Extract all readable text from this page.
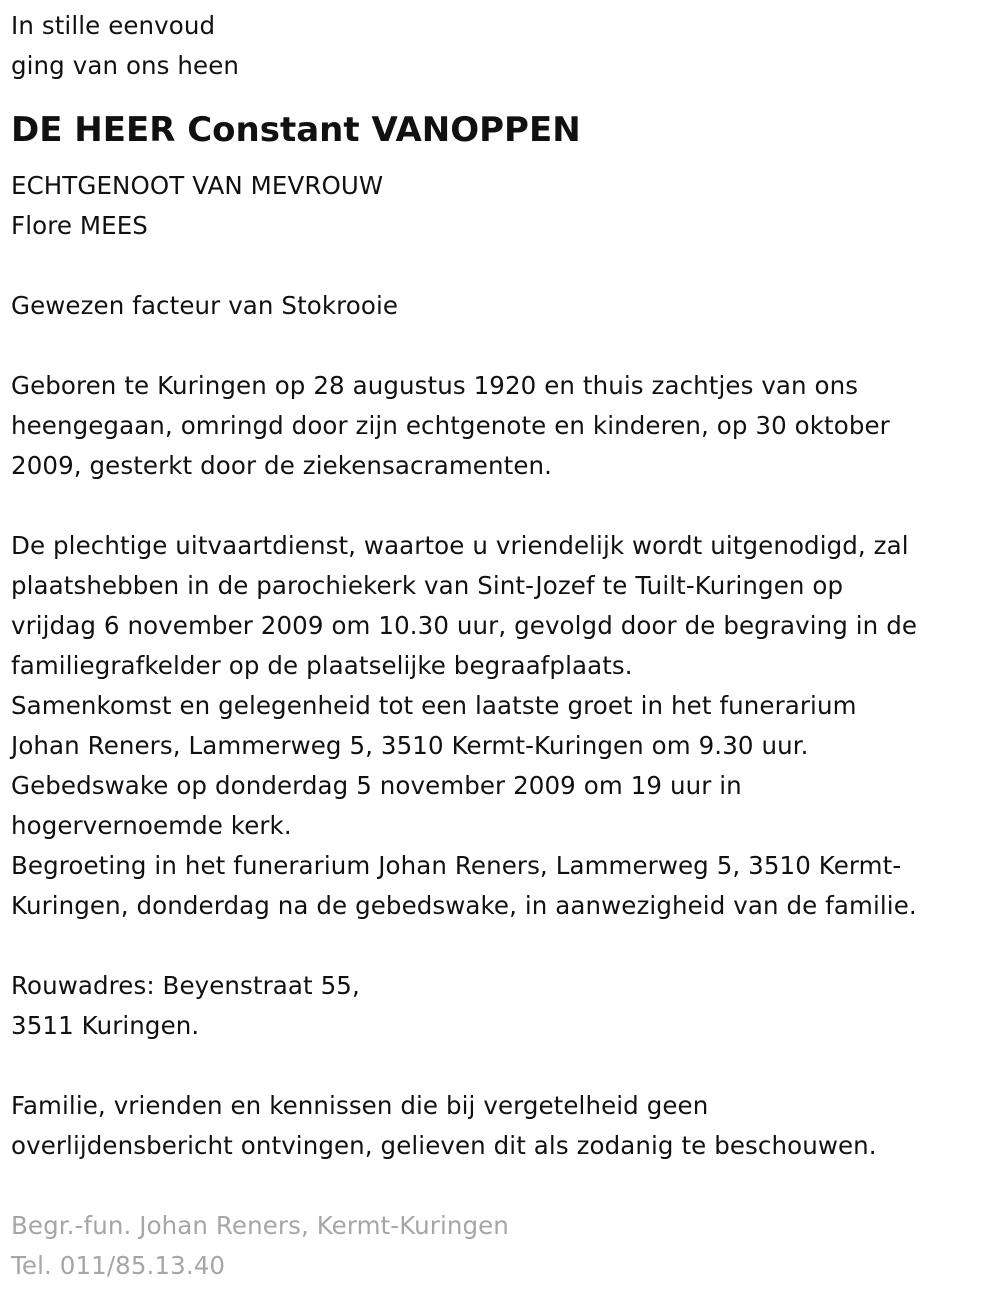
In stille eenvoud
ging van ons heen
DE HEER Constant VANOPPEN
ECHTGENOOT VAN MEVROUW
Flore MEES
Gewezen facteur van Stokrooie
Geboren te Kuringen op 28 augustus 1920 en thuis zachtjes van ons
heengegaan, omringd door zijn echtgenote en kinderen, op 30 oktober
2009, gesterkt door de ziekensacramenten.
De plechtige uitvaartdienst, waartoe u vriendelijk wordt uitgenodigd, zal
plaatshebben in de parochiekerk van Sint-Jozef te Tuilt-Kuringen op
vrijdag 6 november 2009 om 10.30 uur, gevolgd door de begraving in de
familiegrafkelder op de plaatselijke begraafplaats.
Samenkomst en gelegenheid tot een laatste groet in het funerarium
Johan Reners, Lammerweg 5, 3510 Kermt-Kuringen om 9.30 uur.
Gebedswake op donderdag 5 november 2009 om 19 uur in
hogervernoemde kerk.
Begroeting in het funerarium Johan Reners, Lammerweg 5, 3510 Kermt-
Kuringen, donderdag na de gebedswake, in aanwezigheid van de familie.
Rouwadres: Beyenstraat 55,
3511 Kuringen.
Familie, vrienden en kennissen die bij vergetelheid geen
overlijdensbericht ontvingen, gelieven dit als zodanig te beschouwen.
Begr.-fun. Johan Reners, Kermt-Kuringen
Tel. 011/85.13.40
